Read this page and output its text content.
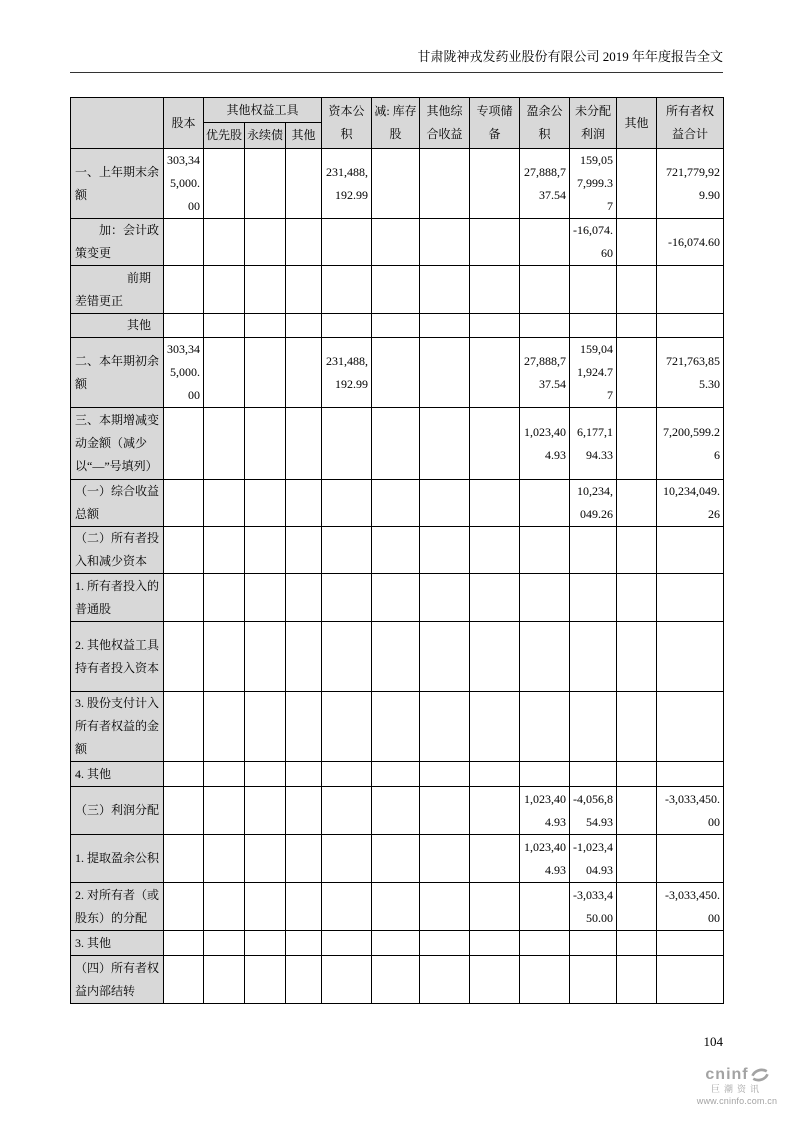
甘肃陇神戎发药业股份有限公司 2019 年年度报告全文
	股本	其他权益工具			资本公积	减: 库存股	其他综合收益	专项储备	盈余公积	未分配利润	其他	所有者权益合计
		优先股	永续债	其他								
一、上年期末余额	303,345,000.00				231,488,192.99				27,888,737.54	159,057,999.37		721,779,929.90
加：会计政策变更										-16,074.60		-16,074.60
前期差错更正												
其他												
二、本年期初余额	303,345,000.00				231,488,192.99				27,888,737.54	159,041,924.77		721,763,855.30
三、本期增减变动金额（减少以“—”号填列）									1,023,404.93	6,177,194.33		7,200,599.26
（一）综合收益总额										10,234,049.26		10,234,049.26
（二）所有者投入和减少资本												
1. 所有者投入的普通股												
2. 其他权益工具持有者投入资本												
3. 股份支付计入所有者权益的金额												
4. 其他												
（三）利润分配									1,023,404.93	-4,056,854.93		-3,033,450.00
1. 提取盈余公积									1,023,404.93	-1,023,404.93		
2. 对所有者（或股东）的分配										-3,033,450.00		-3,033,450.00
3. 其他												
（四）所有者权益内部结转												
104
cninf
巨潮资讯
www.cninfo.com.cn
